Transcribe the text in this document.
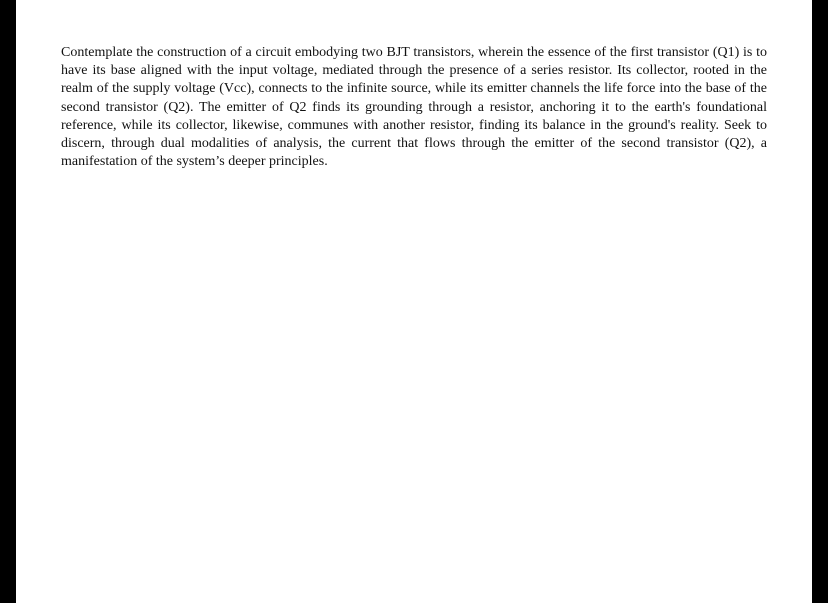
Contemplate the construction of a circuit embodying two BJT transistors, wherein the essence of the first transistor (Q1) is to have its base aligned with the input voltage, mediated through the presence of a series resistor. Its collector, rooted in the realm of the supply voltage (Vcc), connects to the infinite source, while its emitter channels the life force into the base of the second transistor (Q2). The emitter of Q2 finds its grounding through a resistor, anchoring it to the earth's foundational reference, while its collector, likewise, communes with another resistor, finding its balance in the ground's reality. Seek to discern, through dual modalities of analysis, the current that flows through the emitter of the second transistor (Q2), a manifestation of the system’s deeper principles.
